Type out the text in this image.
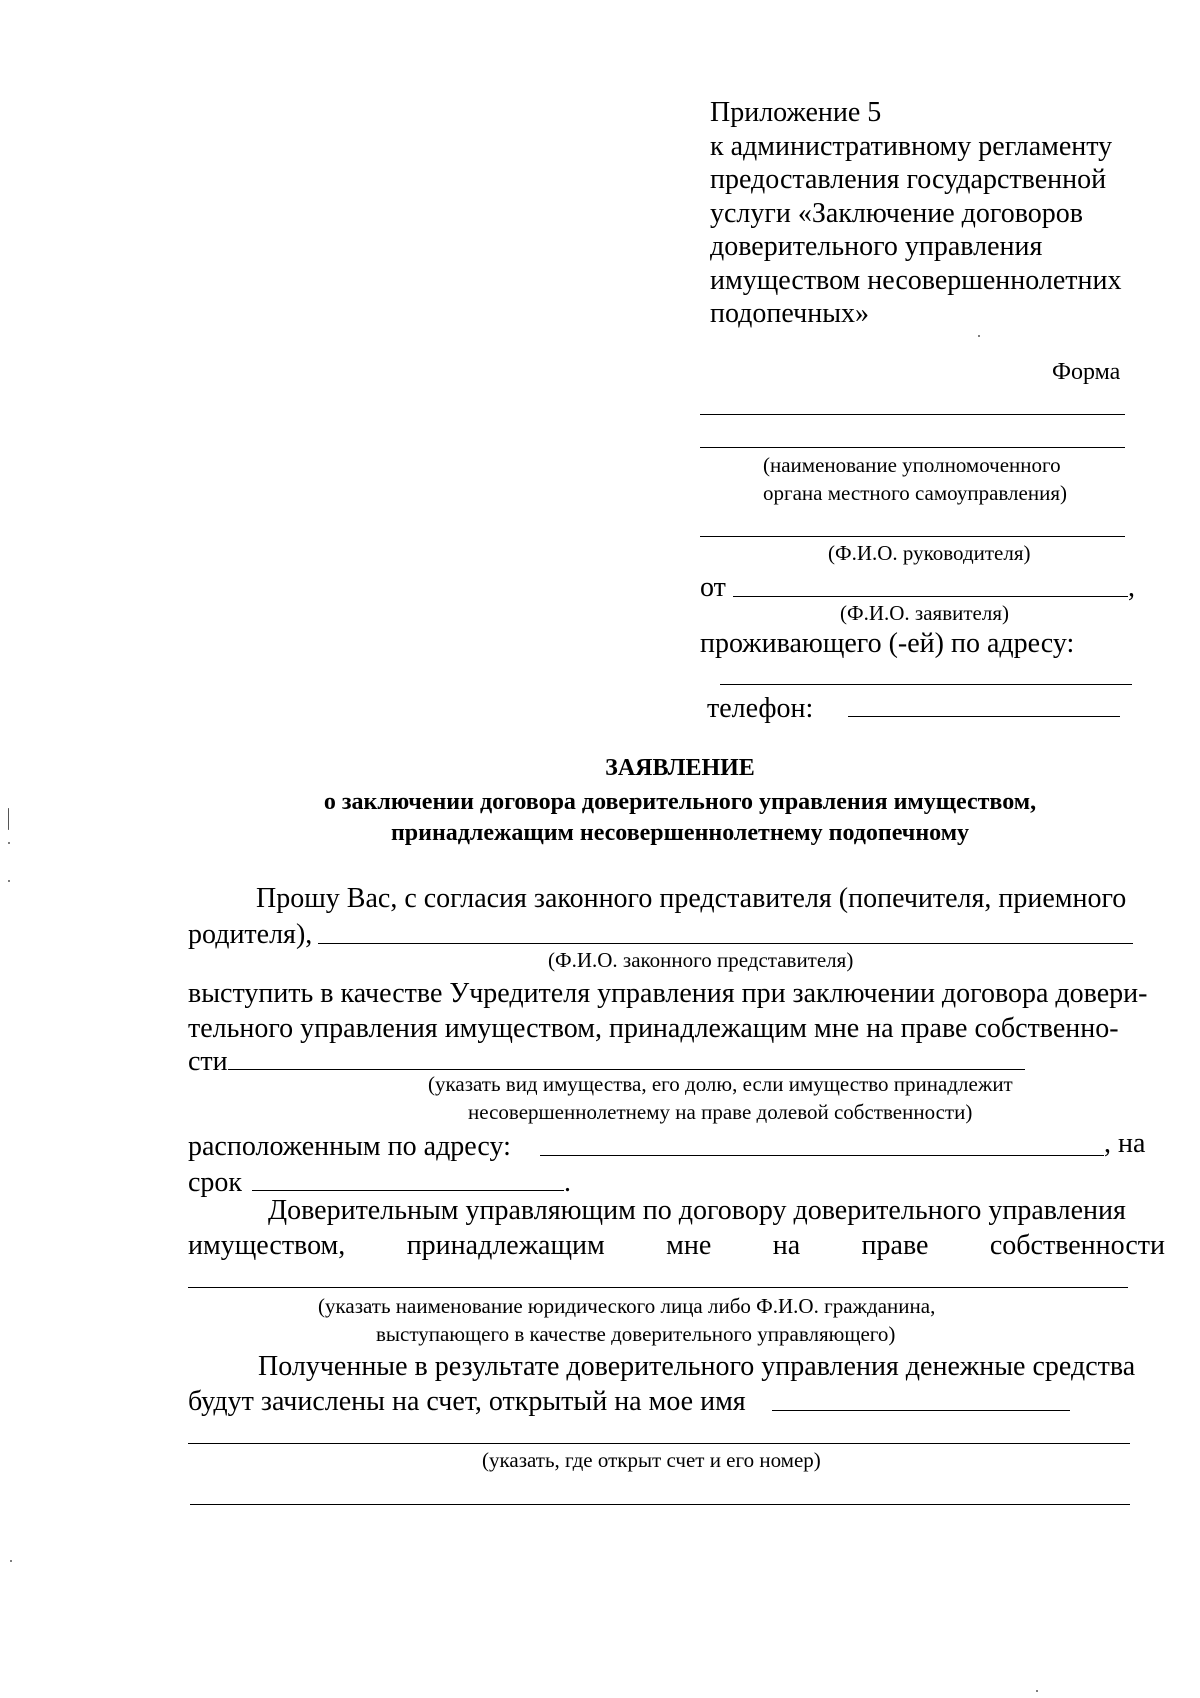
Приложение 5
к административному регламенту
предоставления государственной
услуги «Заключение договоров
доверительного управления
имуществом несовершеннолетних
подопечных»
Форма
(наименование уполномоченного
органа местного самоуправления)
(Ф.И.О. руководителя)
от	,
(Ф.И.О. заявителя)
проживающего (-ей) по адресу:
телефон:
ЗАЯВЛЕНИЕ
о заключении договора доверительного управления имуществом,
принадлежащим несовершеннолетнему подопечному
Прошу Вас, с согласия законного представителя (попечителя, приемного
родителя),
(Ф.И.О. законного представителя)
выступить в качестве Учредителя управления при заключении договора довери-
тельного управления имуществом, принадлежащим мне на праве собственно-
сти
(указать вид имущества, его долю, если имущество принадлежит
несовершеннолетнему на праве долевой собственности)
расположенным по адресу:	, на
срок	.
Доверительным управляющим по договору доверительного управления
имуществом, принадлежащим мне на праве собственности
(указать наименование юридического лица либо Ф.И.О. гражданина,
выступающего в качестве доверительного управляющего)
Полученные в результате доверительного управления денежные средства
будут зачислены на счет, открытый на мое имя
(указать, где открыт счет и его номер)
